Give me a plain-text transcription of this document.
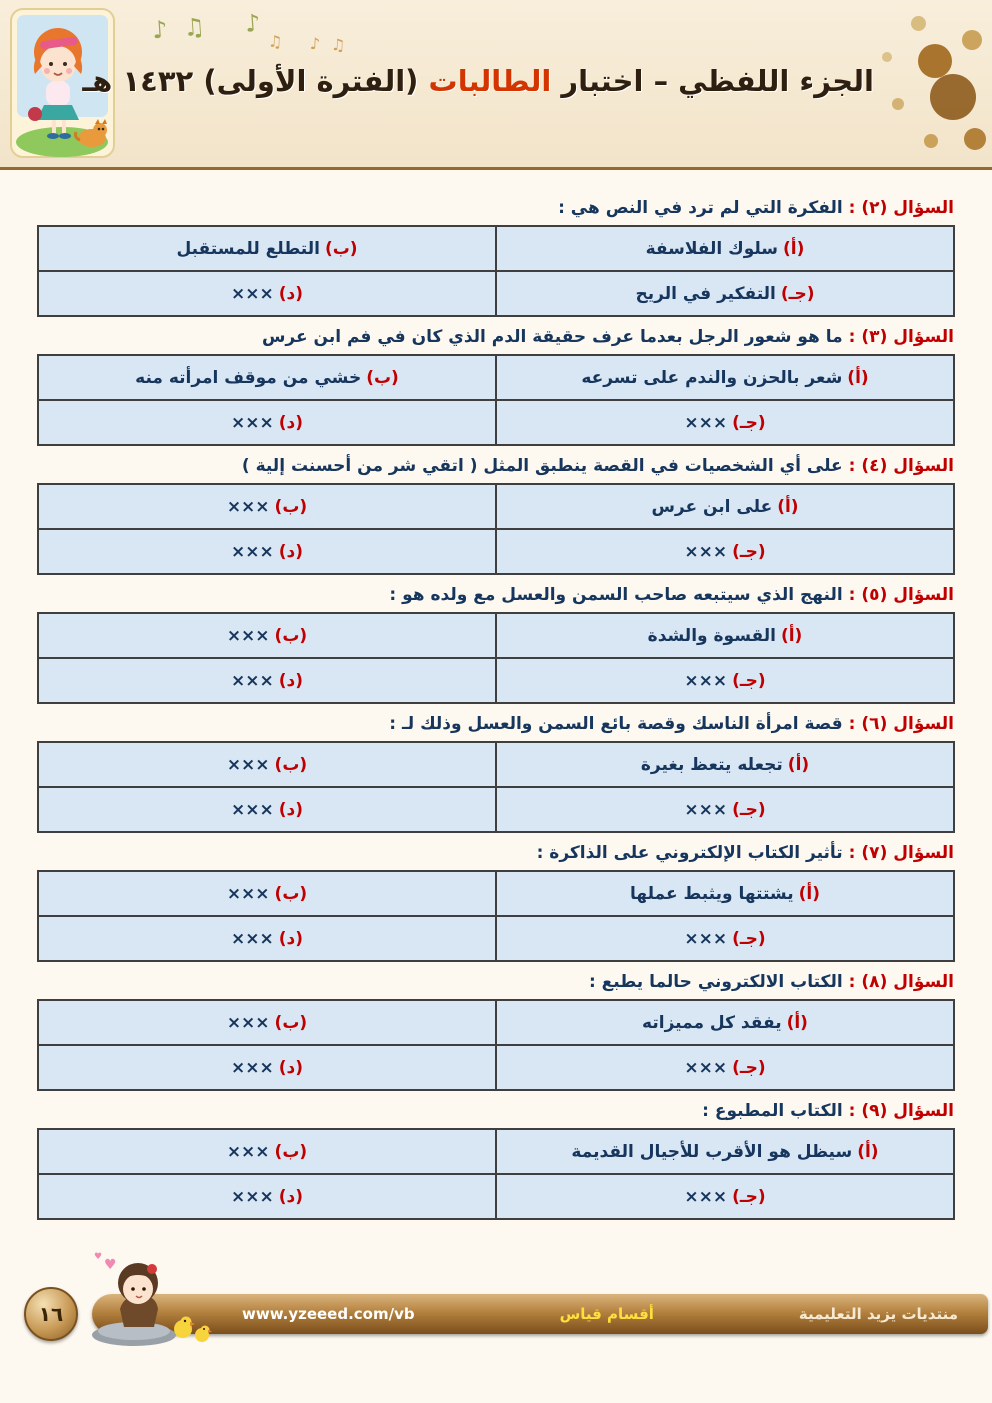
♪♫ ♪
♫ ♪♫
الجزء اللفظي – اختبار الطالبات (الفترة الأولى) ١٤٣٢ هـ
السؤال (٢) :الفكرة التي لم ترد في النص هي :
(أ)سلوك الفلاسفة	(ب)التطلع للمستقبل
(جـ)التفكير في الريح	(د)×××
السؤال (٣) :ما هو شعور الرجل بعدما عرف حقيقة الدم الذي كان في فم ابن عرس
(أ)شعر بالحزن والندم على تسرعه	(ب)خشي من موقف امرأته منه
(جـ)×××	(د)×××
السؤال (٤) :على أي الشخصيات في القصة ينطبق المثل ( اتقي شر من أحسنت إلية )
(أ)على ابن عرس	(ب)×××
(جـ)×××	(د)×××
السؤال (٥) :النهج الذي سيتبعه صاحب السمن والعسل مع ولده هو :
(أ)القسوة والشدة	(ب)×××
(جـ)×××	(د)×××
السؤال (٦) :قصة امرأة الناسك وقصة بائع السمن والعسل وذلك لـ :
(أ)تجعله يتعظ بغيرة	(ب)×××
(جـ)×××	(د)×××
السؤال (٧) :تأثير الكتاب الإلكتروني على الذاكرة :
(أ)يشتتها ويثبط عملها	(ب)×××
(جـ)×××	(د)×××
السؤال (٨) :الكتاب الالكتروني حالما يطبع :
(أ)يفقد كل مميزاته	(ب)×××
(جـ)×××	(د)×××
السؤال (٩) :الكتاب المطبوع :
(أ)سيظل هو الأقرب للأجيال القديمة	(ب)×××
(جـ)×××	(د)×××
منتديات يزيد التعليمية
أقسام قياس
www.yzeeed.com/vb
١٦
♥
♥
